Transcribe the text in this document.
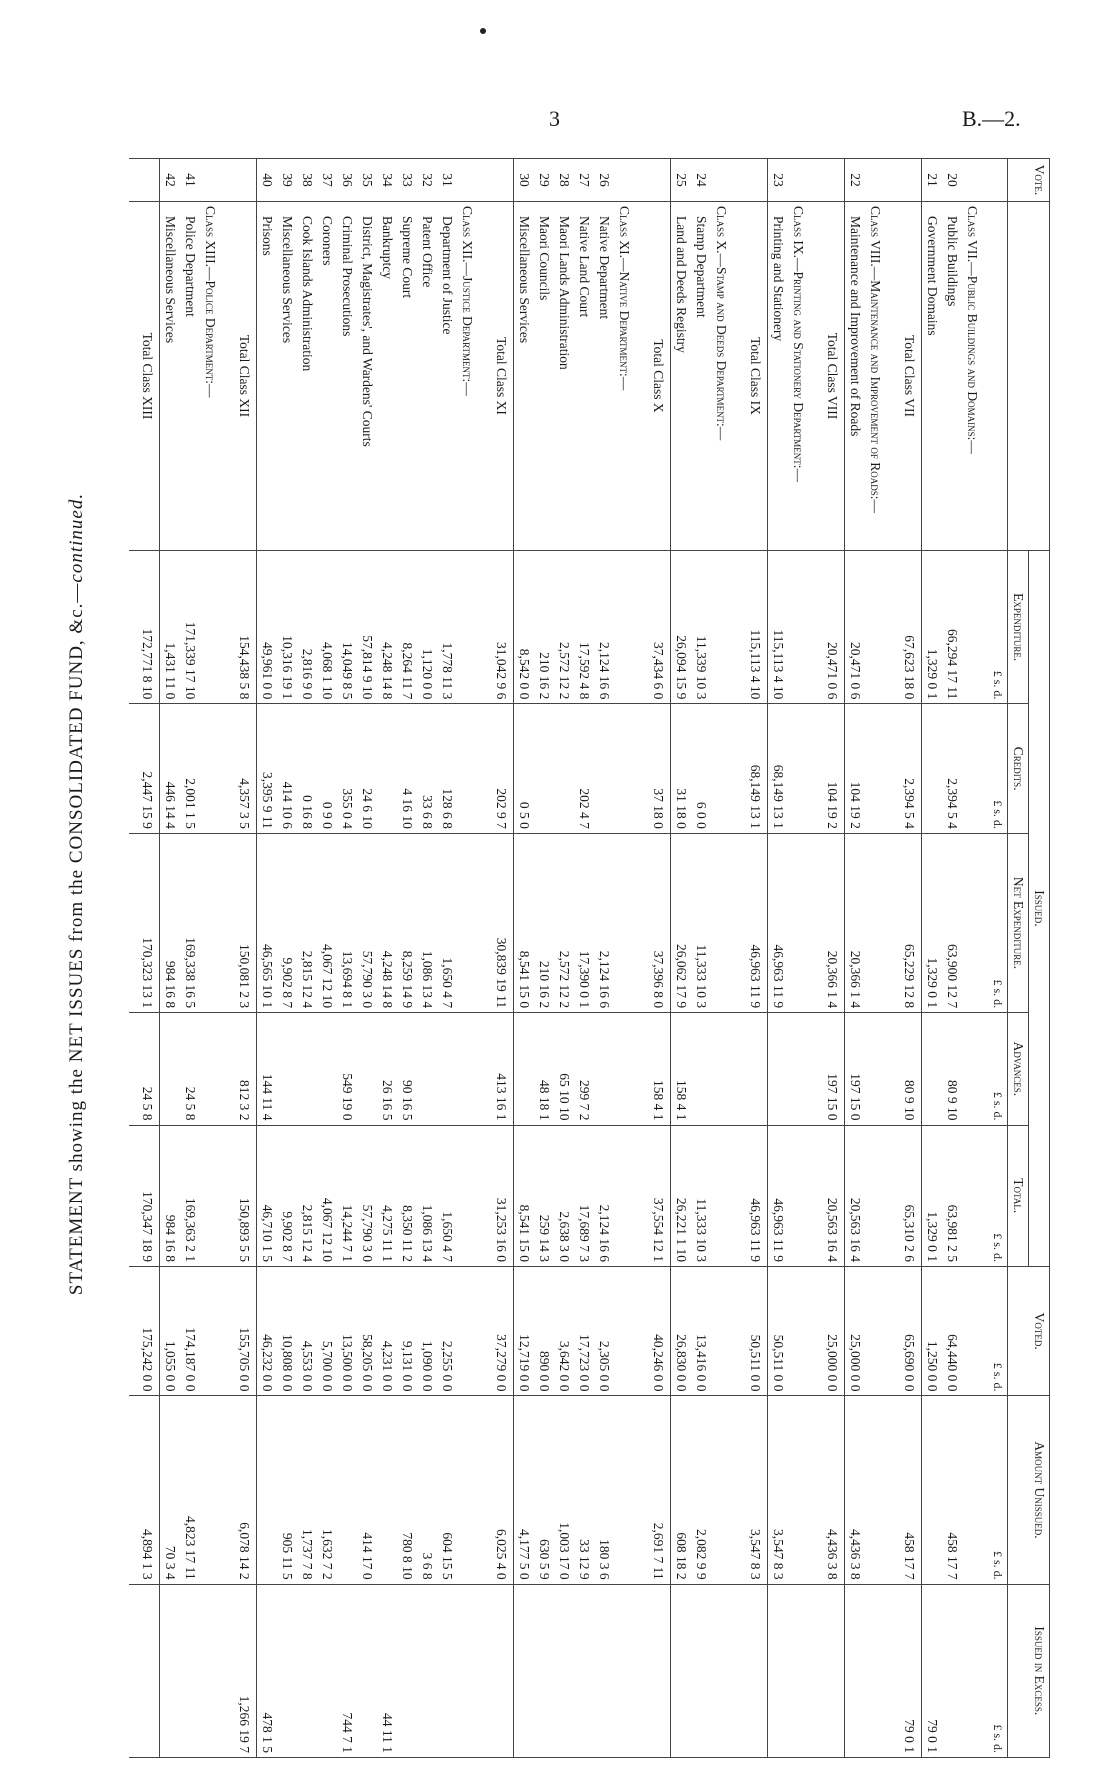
3	B.—2.
STATEMENT showing the NET ISSUES from the CONSOLIDATED FUND, &c.—continued.
Vote.		Issued.					Voted.	Amount Unissued.	Issued in Excess.
		Expenditure.	Credits.	Net Expenditure.	Advances.	Total.			
		£ s. d.	£ s. d.	£ s. d.	£ s. d.	£ s. d.	£ s. d.	£ s. d.	£ s. d.
	Class VII.—Public Buildings and Domains:—								
20	Public Buildings	66,294 17 11	2,394 5 4	63,900 12 7	80 9 10	63,981 2 5	64,440 0 0	458 17 7	
21	Government Domains	1,329 0 1		1,329 0 1		1,329 0 1	1,250 0 0		79 0 1
	Total Class VII	67,623 18 0	2,394 5 4	65,229 12 8	80 9 10	65,310 2 6	65,690 0 0	458 17 7	79 0 1
	Class VIII.—Maintenance and Improvement of Roads:—								
22	Maintenance and Improvement of Roads	20,471 0 6	104 19 2	20,366 1 4	197 15 0	20,563 16 4	25,000 0 0	4,436 3 8	
	Total Class VIII	20,471 0 6	104 19 2	20,366 1 4	197 15 0	20,563 16 4	25,000 0 0	4,436 3 8	
	Class IX.—Printing and Stationery Department:—								
23	Printing and Stationery	115,113 4 10	68,149 13 1	46,963 11 9		46,963 11 9	50,511 0 0	3,547 8 3	
	Total Class IX	115,113 4 10	68,149 13 1	46,963 11 9		46,963 11 9	50,511 0 0	3,547 8 3	
	Class X.—Stamp and Deeds Department:—								
24	Stamp Department	11,339 10 3	6 0 0	11,333 10 3		11,333 10 3	13,416 0 0	2,082 9 9	
25	Land and Deeds Registry	26,094 15 9	31 18 0	26,062 17 9	158 4 1	26,221 1 10	26,830 0 0	608 18 2	
	Total Class X	37,434 6 0	37 18 0	37,396 8 0	158 4 1	37,554 12 1	40,246 0 0	2,691 7 11	
	Class XI.—Native Department:—								
26	Native Department	2,124 16 6		2,124 16 6		2,124 16 6	2,305 0 0	180 3 6	
27	Native Land Court	17,592 4 8	202 4 7	17,390 0 1	299 7 2	17,689 7 3	17,723 0 0	33 12 9	
28	Maori Lands Administration	2,572 12 2		2,572 12 2	65 10 10	2,638 3 0	3,642 0 0	1,003 17 0	
29	Maori Councils	210 16 2		210 16 2	48 18 1	259 14 3	890 0 0	630 5 9	
30	Miscellaneous Services	8,542 0 0	0 5 0	8,541 15 0		8,541 15 0	12,719 0 0	4,177 5 0	
	Total Class XI	31,042 9 6	202 9 7	30,839 19 11	413 16 1	31,253 16 0	37,279 0 0	6,025 4 0	
	Class XII.—Justice Department:—								
31	Department of Justice	1,778 11 3	128 6 8	1,650 4 7		1,650 4 7	2,255 0 0	604 15 5	
32	Patent Office	1,120 0 0	33 6 8	1,086 13 4		1,086 13 4	1,090 0 0	3 6 8	
33	Supreme Court	8,264 11 7	4 16 10	8,259 14 9	90 16 5	8,350 11 2	9,131 0 0	780 8 10	
34	Bankruptcy	4,248 14 8		4,248 14 8	26 16 5	4,275 11 1	4,231 0 0		44 11 1
35	District, Magistrates', and Wardens' Courts	57,814 9 10	24 6 10	57,790 3 0		57,790 3 0	58,205 0 0	414 17 0	
36	Criminal Prosecutions	14,049 8 5	355 0 4	13,694 8 1	549 19 0	14,244 7 1	13,500 0 0		744 7 1
37	Coroners	4,068 1 10	0 9 0	4,067 12 10		4,067 12 10	5,700 0 0	1,632 7 2	
38	Cook Islands Administration	2,816 9 0	0 16 8	2,815 12 4		2,815 12 4	4,553 0 0	1,737 7 8	
39	Miscellaneous Services	10,316 19 1	414 10 6	9,902 8 7		9,902 8 7	10,808 0 0	905 11 5	
40	Prisons	49,961 0 0	3,395 9 11	46,565 10 1	144 11 4	46,710 1 5	46,232 0 0		478 1 5
	Total Class XII	154,438 5 8	4,357 3 5	150,081 2 3	812 3 2	150,893 5 5	155,705 0 0	6,078 14 2	1,266 19 7
	Class XIII.—Police Department:—								
41	Police Department	171,339 17 10	2,001 1 5	169,338 16 5	24 5 8	169,363 2 1	174,187 0 0	4,823 17 11	
42	Miscellaneous Services	1,431 11 0	446 14 4	984 16 8		984 16 8	1,055 0 0	70 3 4	
	Total Class XIII	172,771 8 10	2,447 15 9	170,323 13 1	24 5 8	170,347 18 9	175,242 0 0	4,894 1 3	
